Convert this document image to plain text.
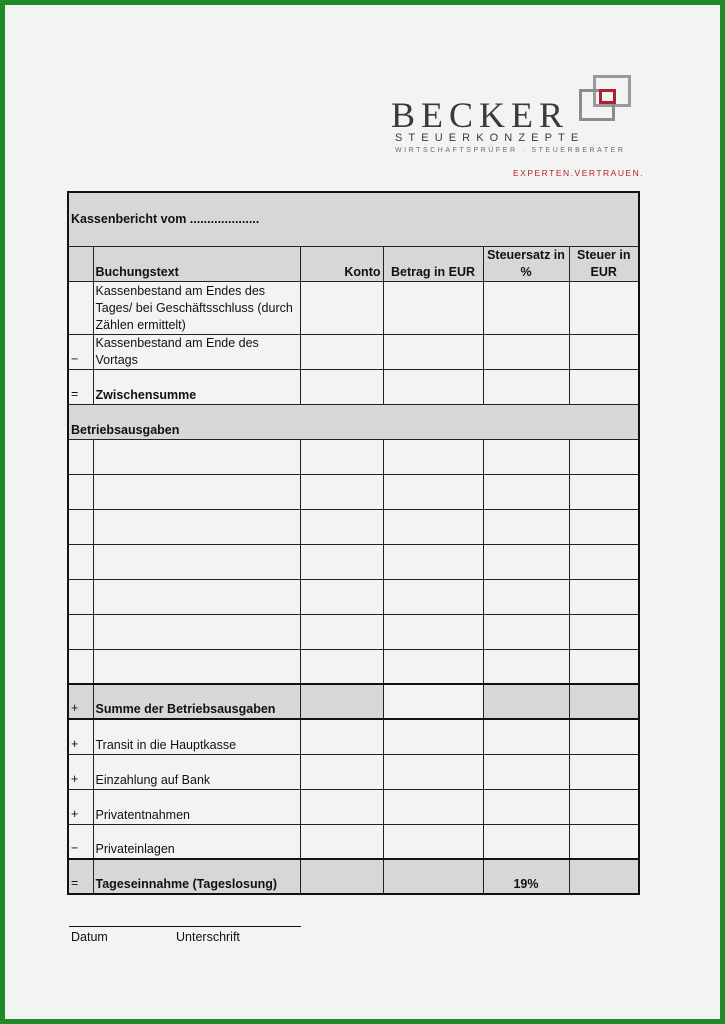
BECKER
STEUERKONZEPTE
WIRTSCHAFTSPRÜFER · STEUERBERATER
EXPERTEN.VERTRAUEN.
Kassenbericht vom ....................					
	Buchungstext	Konto	Betrag in EUR	Steuersatz in %	Steuer in EUR
	Kassenbestand am Endes des Tages/ bei Geschäftsschluss (durch Zählen ermittelt)				
−	Kassenbestand am Ende des Vortags				
=	Zwischensumme				
Betriebsausgaben					

+	Summe der Betriebsausgaben				
+	Transit in die Hauptkasse				
+	Einzahlung auf Bank				
+	Privatentnahmen				
−	Privateinlagen				
=	Tageseinnahme (Tageslosung)			19%	
Datum	Unterschrift
